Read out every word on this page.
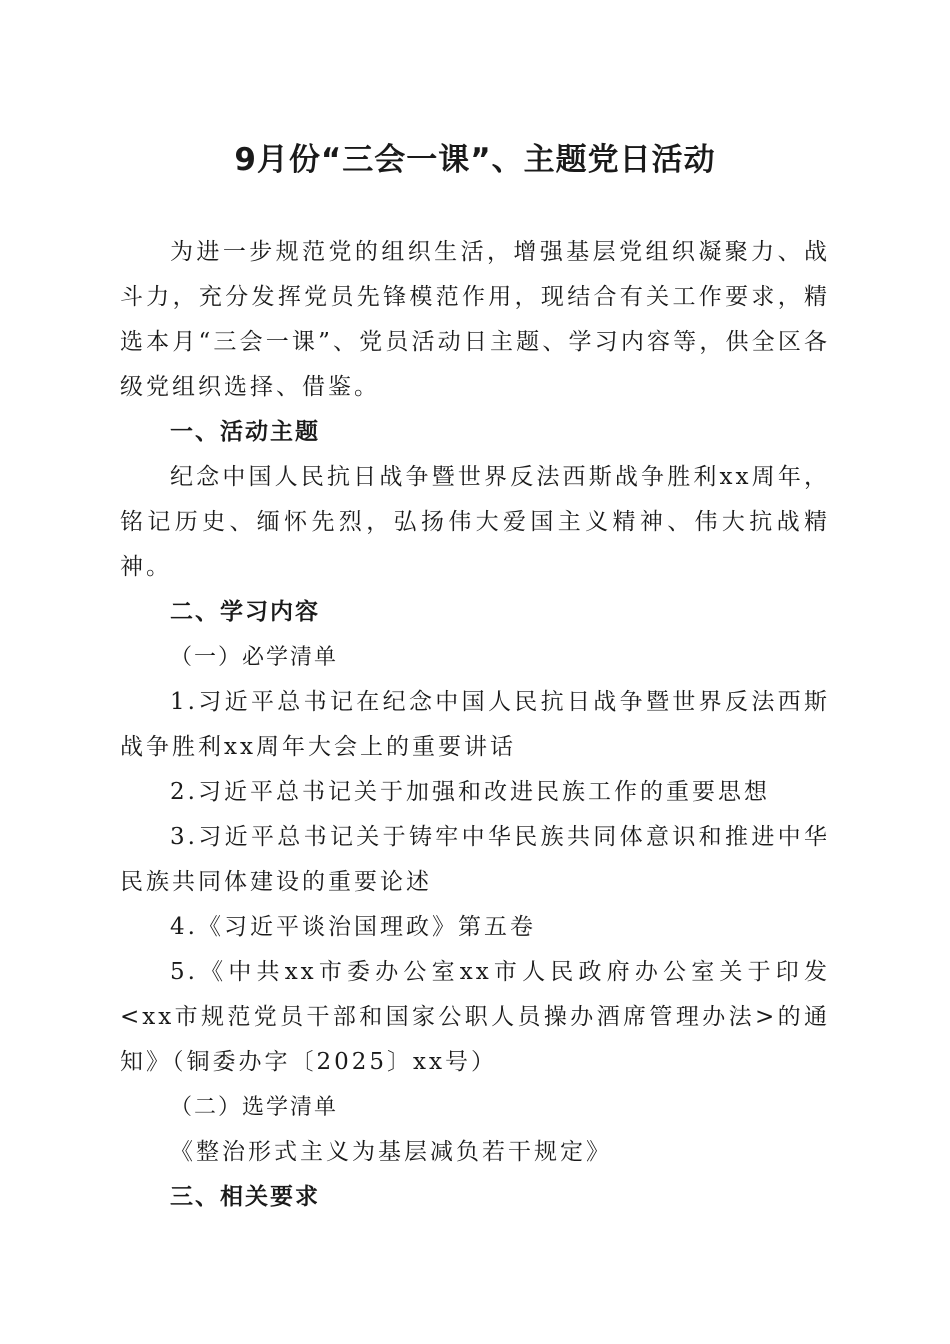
9月份“三会一课”、主题党日活动

为进一步规范党的组织生活，增强基层党组织凝聚力、战斗力，充分发挥党员先锋模范作用，现结合有关工作要求，精选本月“三会一课”、党员活动日主题、学习内容等，供全区各级党组织选择、借鉴。

一、活动主题

纪念中国人民抗日战争暨世界反法西斯战争胜利xx周年，铭记历史、缅怀先烈，弘扬伟大爱国主义精神、伟大抗战精神。

二、学习内容

（一）必学清单

1.习近平总书记在纪念中国人民抗日战争暨世界反法西斯战争胜利xx周年大会上的重要讲话

2.习近平总书记关于加强和改进民族工作的重要思想

3.习近平总书记关于铸牢中华民族共同体意识和推进中华民族共同体建设的重要论述

4.《习近平谈治国理政》第五卷

5.《中共xx市委办公室xx市人民政府办公室关于印发<xx市规范党员干部和国家公职人员操办酒席管理办法>的通知》（铜委办字〔2025〕xx号）

（二）选学清单

《整治形式主义为基层减负若干规定》

三、相关要求
